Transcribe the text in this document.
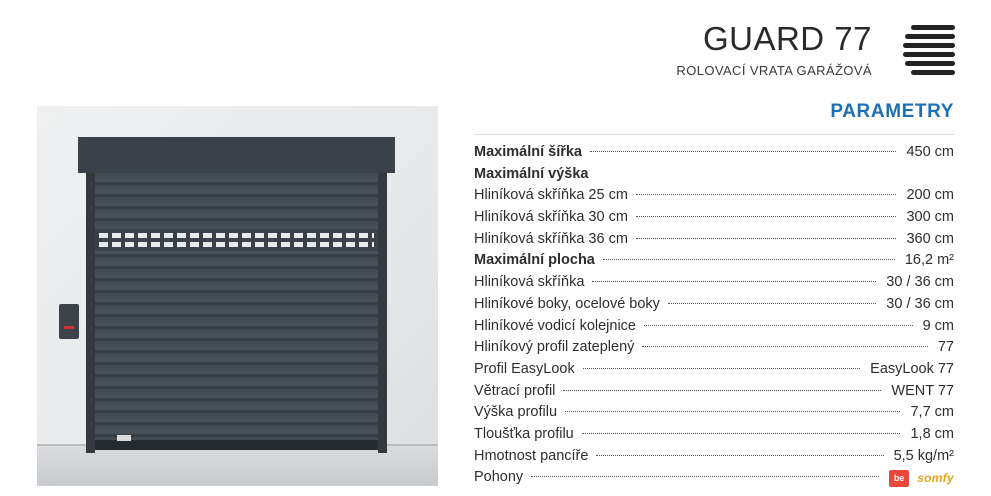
GUARD 77
ROLOVACÍ VRATA GARÁŽOVÁ
PARAMETRY
Maximální šířka	450 cm
Maximální výška
Hliníková skříňka 25 cm	200 cm
Hliníková skříňka 30 cm	300 cm
Hliníková skříňka 36 cm	360 cm
Maximální plocha	16,2 m²
Hliníková skříňka	30 / 36 cm
Hliníkové boky, ocelové boky	30 / 36 cm
Hliníkové vodicí kolejnice	9 cm
Hliníkový profil zateplený	77
Profil EasyLook	EasyLook 77
Větrací profil	WENT 77
Výška profilu	7,7 cm
Tloušťka profilu	1,8 cm
Hmotnost pancíře	5,5 kg/m²
Pohony	be	somfy
